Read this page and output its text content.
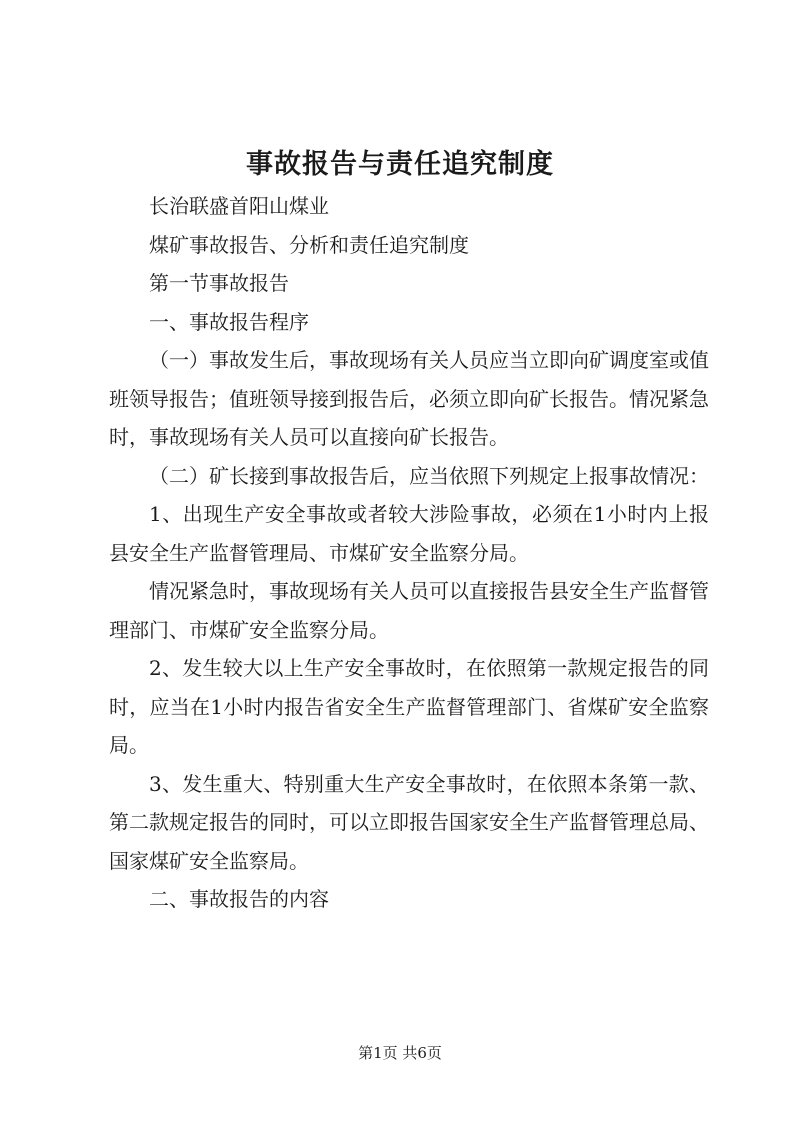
事故报告与责任追究制度

长治联盛首阳山煤业

煤矿事故报告、分析和责任追究制度

第一节事故报告

一、事故报告程序

（一）事故发生后，事故现场有关人员应当立即向矿调度室或值班领导报告；值班领导接到报告后，必须立即向矿长报告。情况紧急时，事故现场有关人员可以直接向矿长报告。

（二）矿长接到事故报告后，应当依照下列规定上报事故情况：

1、出现生产安全事故或者较大涉险事故，必须在1小时内上报县安全生产监督管理局、市煤矿安全监察分局。

情况紧急时，事故现场有关人员可以直接报告县安全生产监督管理部门、市煤矿安全监察分局。

2、发生较大以上生产安全事故时，在依照第一款规定报告的同时，应当在1小时内报告省安全生产监督管理部门、省煤矿安全监察局。

3、发生重大、特别重大生产安全事故时，在依照本条第一款、第二款规定报告的同时，可以立即报告国家安全生产监督管理总局、国家煤矿安全监察局。

二、事故报告的内容

第1页 共6页
